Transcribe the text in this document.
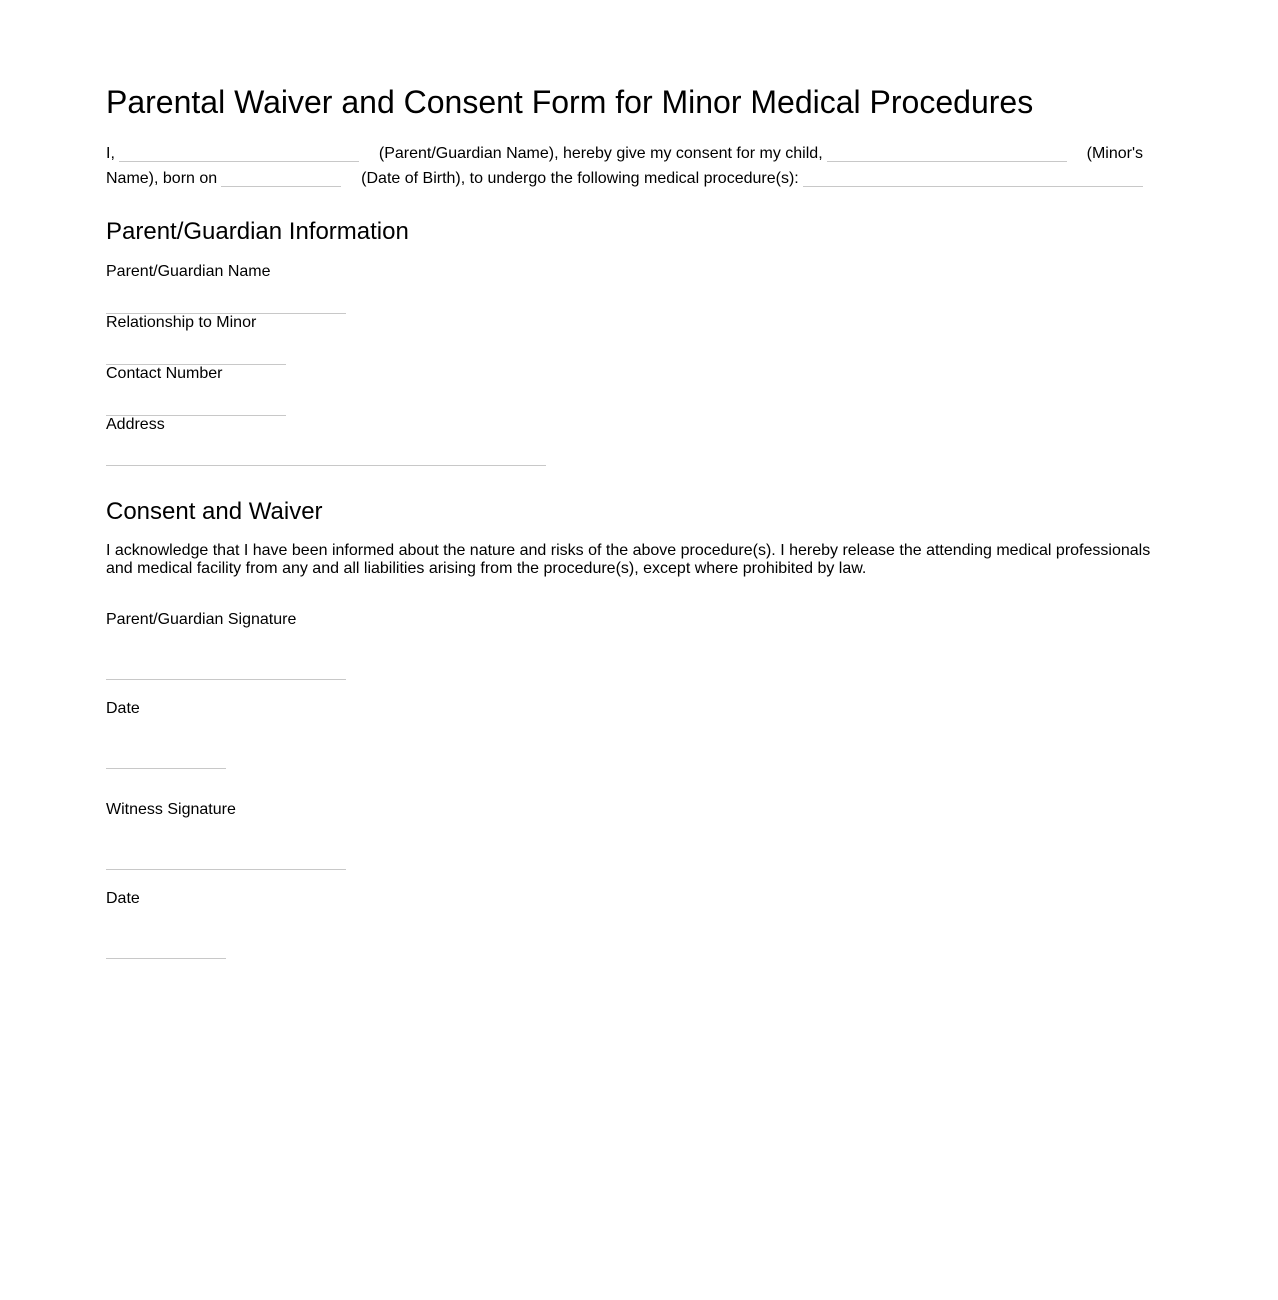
Parental Waiver and Consent Form for Minor Medical Procedures
I,	(Parent/Guardian Name), hereby give my consent for my child,	(Minor's Name), born on	(Date of Birth), to undergo the following medical procedure(s):
Parent/Guardian Information
Parent/Guardian Name
Relationship to Minor
Contact Number
Address
Consent and Waiver
I acknowledge that I have been informed about the nature and risks of the above procedure(s). I hereby release the attending medical professionals and medical facility from any and all liabilities arising from the procedure(s), except where prohibited by law.
Parent/Guardian Signature
Date
Witness Signature
Date
